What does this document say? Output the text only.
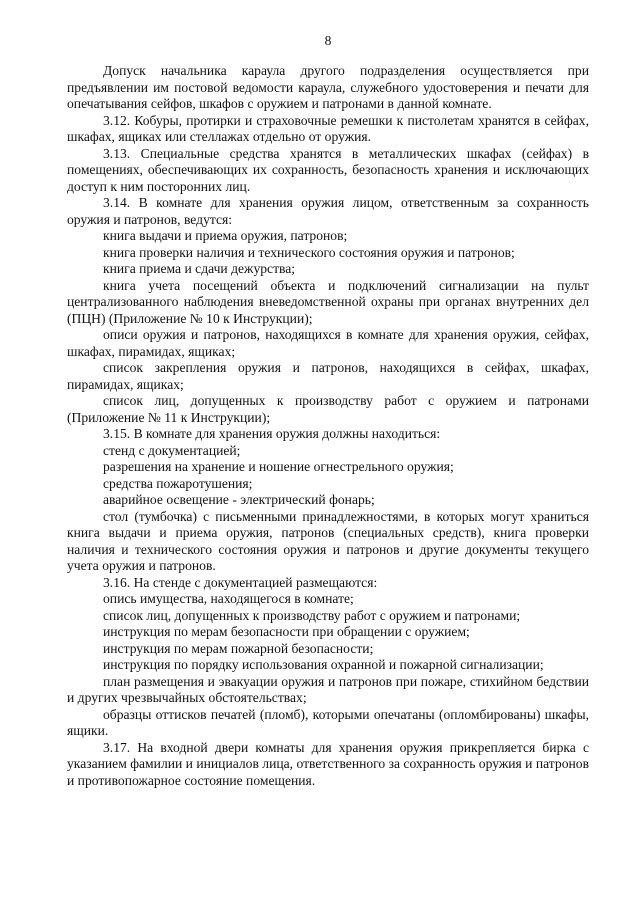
8

Допуск начальника караула другого подразделения осуществляется при предъявлении им постовой ведомости караула, служебного удостоверения и печати для опечатывания сейфов, шкафов с оружием и патронами в данной комнате.

3.12. Кобуры, протирки и страховочные ремешки к пистолетам хранятся в сейфах, шкафах, ящиках или стеллажах отдельно от оружия.

3.13. Специальные средства хранятся в металлических шкафах (сейфах) в помещениях, обеспечивающих их сохранность, безопасность хранения и исключающих доступ к ним посторонних лиц.

3.14. В комнате для хранения оружия лицом, ответственным за сохранность оружия и патронов, ведутся:

книга выдачи и приема оружия, патронов;

книга проверки наличия и технического состояния оружия и патронов;

книга приема и сдачи дежурства;

книга учета посещений объекта и подключений сигнализации на пульт централизованного наблюдения вневедомственной охраны при органах внутренних дел (ПЦН) (Приложение № 10 к Инструкции);

описи оружия и патронов, находящихся в комнате для хранения оружия, сейфах, шкафах, пирамидах, ящиках;

список закрепления оружия и патронов, находящихся в сейфах, шкафах, пирамидах, ящиках;

список лиц, допущенных к производству работ с оружием и патронами (Приложение № 11 к Инструкции);

3.15. В комнате для хранения оружия должны находиться:

стенд с документацией;

разрешения на хранение и ношение огнестрельного оружия;

средства пожаротушения;

аварийное освещение - электрический фонарь;

стол (тумбочка) с письменными принадлежностями, в которых могут храниться книга выдачи и приема оружия, патронов (специальных средств), книга проверки наличия и технического состояния оружия и патронов и другие документы текущего учета оружия и патронов.

3.16. На стенде с документацией размещаются:

опись имущества, находящегося в комнате;

список лиц, допущенных к производству работ с оружием и патронами;

инструкция по мерам безопасности при обращении с оружием;

инструкция по мерам пожарной безопасности;

инструкция по порядку использования охранной и пожарной сигнализации;

план размещения и эвакуации оружия и патронов при пожаре, стихийном бедствии и других чрезвычайных обстоятельствах;

образцы оттисков печатей (пломб), которыми опечатаны (опломбированы) шкафы, ящики.

3.17. На входной двери комнаты для хранения оружия прикрепляется бирка с указанием фамилии и инициалов лица, ответственного за сохранность оружия и патронов и противопожарное состояние помещения.
